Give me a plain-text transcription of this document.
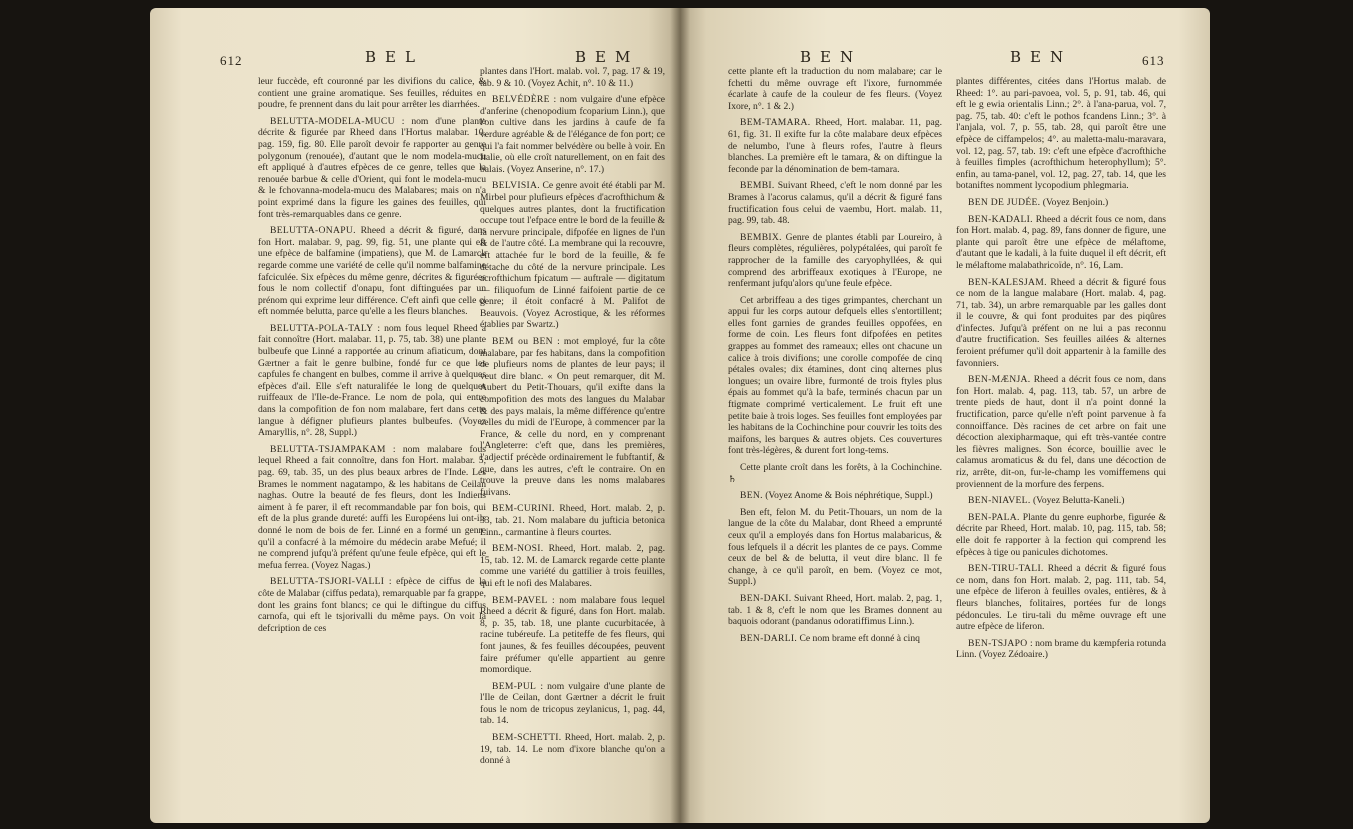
612	BEL	BEM

leur fuccède, eft couronné par les divifions du calice, & contient une graine aromatique. Ses feuilles, réduites en poudre, fe prennent dans du lait pour arrêter les diarrhées.

BELUTTA-MODELA-MUCU : nom d'une plante décrite & figurée par Rheed dans l'Hortus malabar. 10, pag. 159, fig. 80. Elle paroît devoir fe rapporter au genre polygonum (renouée), d'autant que le nom modela-mucu eft appliqué à d'autres efpèces de ce genre, telles que la renouée barbue & celle d'Orient, qui font le modela-mucu & le fchovanna-modela-mucu des Malabares; mais on n'a point exprimé dans la figure les gaines des feuilles, qui font très-remarquables dans ce genre.

BELUTTA-ONAPU. Rheed a décrit & figuré, dans fon Hort. malabar. 9, pag. 99, fig. 51, une plante qui eft une efpèce de balfamine (impatiens), que M. de Lamarck regarde comme une variété de celle qu'il nomme balfamine fafciculée. Six efpèces du même genre, décrites & figurées fous le nom collectif d'onapu, font diftinguées par un prénom qui exprime leur différence. C'eft ainfi que celle ci eft nommée belutta, parce qu'elle a les fleurs blanches.

BELUTTA-POLA-TALY : nom fous lequel Rheed a fait connoître (Hort. malabar. 11, p. 75, tab. 38) une plante bulbeufe que Linné a rapportée au crinum afiaticum, dont Gærtner a fait le genre bulbine, fondé fur ce que les capfules fe changent en bulbes, comme il arrive à quelques efpèces d'ail. Elle s'eft naturalifée le long de quelques ruiffeaux de l'Ile-de-France. Le nom de pola, qui entre dans la compofition de fon nom malabare, fert dans cette langue à défigner plufieurs plantes bulbeufes. (Voyez Amaryllis, n°. 28, Suppl.)

BELUTTA-TSJAMPAKAM : nom malabare fous lequel Rheed a fait connoître, dans fon Hort. malabar. 5, pag. 69, tab. 35, un des plus beaux arbres de l'Inde. Les Brames le nomment nagatampo, & les habitans de Ceilan naghas. Outre la beauté de fes fleurs, dont les Indiens aiment à fe parer, il eft recommandable par fon bois, qui eft de la plus grande dureté: auffi les Européens lui ont-ils donné le nom de bois de fer. Linné en a formé un genre qu'il a confacré à la mémoire du médecin arabe Mefué; il ne comprend jufqu'à préfent qu'une feule efpèce, qui eft le mefua ferrea. (Voyez Nagas.)

BELUTTA-TSJORI-VALLI : efpèce de ciffus de la côte de Malabar (ciffus pedata), remarquable par fa grappe, dont les grains font blancs; ce qui le diftingue du ciffus carnofa, qui eft le tsjorivalli du même pays. On voit la defcription de ces

plantes dans l'Hort. malab. vol. 7, pag. 17 & 19, tab. 9 & 10. (Voyez Achit, n°. 10 & 11.)

BELVÉDÈRE : nom vulgaire d'une efpèce d'anferine (chenopodium fcoparium Linn.), que l'on cultive dans les jardins à caufe de fa verdure agréable & de l'élégance de fon port; ce qui l'a fait nommer belvédère ou belle à voir. En Italie, où elle croît naturellement, on en fait des balais. (Voyez Anserine, n°. 17.)

BELVISIA. Ce genre avoit été établi par M. Mirbel pour plufieurs efpèces d'acrofthichum & quelques autres plantes, dont la fructification occupe tout l'efpace entre le bord de la feuille & la nervure principale, difpofée en lignes de l'un & de l'autre côté. La membrane qui la recouvre, eft attachée fur le bord de la feuille, & fe détache du côté de la nervure principale. Les acrofthichum fpicatum — auftrale — digitatum — filiquofum de Linné faifoient partie de ce genre; il étoit confacré à M. Palifot de Beauvois. (Voyez Acrostique, & les réformes établies par Swartz.)

BEM ou BEN : mot employé, fur la côte malabare, par fes habitans, dans la compofition de plufieurs noms de plantes de leur pays; il veut dire blanc. « On peut remarquer, dit M. Aubert du Petit-Thouars, qu'il exifte dans la compofition des mots des langues du Malabar & des pays malais, la même différence qu'entre celles du midi de l'Europe, à commencer par la France, & celle du nord, en y comprenant l'Angleterre: c'eft que, dans les premières, l'adjectif précède ordinairement le fubftantif, & que, dans les autres, c'eft le contraire. On en trouve la preuve dans les noms malabares fuivans.

BEM-CURINI. Rheed, Hort. malab. 2, p. 33, tab. 21. Nom malabare du jufticia betonica Linn., carmantine à fleurs courtes.

BEM-NOSI. Rheed, Hort. malab. 2, pag. 15, tab. 12. M. de Lamarck regarde cette plante comme une variété du gattilier à trois feuilles, qui eft le nofi des Malabares.

BEM-PAVEL : nom malabare fous lequel Rheed a décrit & figuré, dans fon Hort. malab. 8, p. 35, tab. 18, une plante cucurbitacée, à racine tubéreufe. La petiteffe de fes fleurs, qui font jaunes, & fes feuilles découpées, peuvent faire préfumer qu'elle appartient au genre momordique.

BEM-PUL : nom vulgaire d'une plante de l'Ile de Ceilan, dont Gærtner a décrit le fruit fous le nom de tricopus zeylanicus, 1, pag. 44, tab. 14.

BEM-SCHETTI. Rheed, Hort. malab. 2, p. 19, tab. 14. Le nom d'ixore blanche qu'on a donné à

BEN	BEN	613

cette plante eft la traduction du nom malabare; car le fchetti du même ouvrage eft l'ixore, furnommée écarlate à caufe de la couleur de fes fleurs. (Voyez Ixore, n°. 1 & 2.)

BEM-TAMARA. Rheed, Hort. malabar. 11, pag. 61, fig. 31. Il exifte fur la côte malabare deux efpèces de nelumbo, l'une à fleurs rofes, l'autre à fleurs blanches. La première eft le tamara, & on diftingue la feconde par la dénomination de bem-tamara.

BEMBI. Suivant Rheed, c'eft le nom donné par les Brames à l'acorus calamus, qu'il a décrit & figuré fans fructification fous celui de vaembu, Hort. malab. 11, pag. 99, tab. 48.

BEMBIX. Genre de plantes établi par Loureiro, à fleurs complètes, régulières, polypétalées, qui paroît fe rapprocher de la famille des caryophyllées, & qui comprend des arbriffeaux exotiques à l'Europe, ne renfermant jufqu'alors qu'une feule efpèce.

Cet arbriffeau a des tiges grimpantes, cherchant un appui fur les corps autour defquels elles s'entortillent; elles font garnies de grandes feuilles oppofées, en forme de coin. Les fleurs font difpofées en petites grappes au fommet des rameaux; elles ont chacune un calice à trois divifions; une corolle compofée de cinq pétales ovales; dix étamines, dont cinq alternes plus longues; un ovaire libre, furmonté de trois ftyles plus épais au fommet qu'à la bafe, terminés chacun par un ftigmate comprimé verticalement. Le fruit eft une petite baie à trois loges. Ses feuilles font employées par les habitans de la Cochinchine pour couvrir les toits des maifons, les barques & autres objets. Ces couvertures font très-légères, & durent fort long-tems.

Cette plante croît dans les forêts, à la Cochinchine. ♄

BEN. (Voyez Anome & Bois néphrétique, Suppl.)

Ben eft, felon M. du Petit-Thouars, un nom de la langue de la côte du Malabar, dont Rheed a emprunté ceux qu'il a employés dans fon Hortus malabaricus, & fous lefquels il a décrit les plantes de ce pays. Comme ceux de bel & de belutta, il veut dire blanc. Il fe change, à ce qu'il paroît, en bem. (Voyez ce mot, Suppl.)

BEN-DAKI. Suivant Rheed, Hort. malab. 2, pag. 1, tab. 1 & 8, c'eft le nom que les Brames donnent au baquois odorant (pandanus odoratiffimus Linn.).

BEN-DARLI. Ce nom brame eft donné à cinq

plantes différentes, citées dans l'Hortus malab. de Rheed: 1°. au pari-pavoea, vol. 5, p. 91, tab. 46, qui eft le g ewia orientalis Linn.; 2°. à l'ana-parua, vol. 7, pag. 75, tab. 40: c'eft le pothos fcandens Linn.; 3°. à l'anjala, vol. 7, p. 55, tab. 28, qui paroît être une efpèce de ciffampelos; 4°. au maletta-malu-maravara, vol. 12, pag. 57, tab. 19: c'eft une efpèce d'acrofthiche à feuilles fimples (acrofthichum heterophyllum); 5°. enfin, au tama-panel, vol. 12, pag. 27, tab. 14, que les botaniftes nomment lycopodium phlegmaria.

BEN DE JUDÉE. (Voyez Benjoin.)

BEN-KADALI. Rheed a décrit fous ce nom, dans fon Hort. malab. 4, pag. 89, fans donner de figure, une plante qui paroît être une efpèce de mélaftome, d'autant que le kadali, à la fuite duquel il eft décrit, eft le mélaftome malabathricoïde, n°. 16, Lam.

BEN-KALESJAM. Rheed a décrit & figuré fous ce nom de la langue malabare (Hort. malab. 4, pag. 71, tab. 34), un arbre remarquable par les galles dont il le couvre, & qui font produites par des piqûres d'infectes. Jufqu'à préfent on ne lui a pas reconnu d'autre fructification. Ses feuilles ailées & alternes feroient préfumer qu'il doit appartenir à la famille des favonniers.

BEN-MÆNJA. Rheed a décrit fous ce nom, dans fon Hort. malab. 4, pag. 113, tab. 57, un arbre de trente pieds de haut, dont il n'a point donné la fructification, parce qu'elle n'eft point parvenue à fa connoiffance. Dès racines de cet arbre on fait une décoction alexipharmaque, qui eft très-vantée contre les fièvres malignes. Son écorce, bouillie avec le calamus aromaticus & du fel, dans une décoction de riz, arrête, dit-on, fur-le-champ les vomiffemens qui proviennent de la morfure des ferpens.

BEN-NIAVEL. (Voyez Belutta-Kaneli.)

BEN-PALA. Plante du genre euphorbe, figurée & décrite par Rheed, Hort. malab. 10, pag. 115, tab. 58; elle doit fe rapporter à la fection qui comprend les efpèces à tige ou panicules dichotomes.

BEN-TIRU-TALI. Rheed a décrit & figuré fous ce nom, dans fon Hort. malab. 2, pag. 111, tab. 54, une efpèce de liferon à feuilles ovales, entières, & à fleurs blanches, folitaires, portées fur de longs pédoncules. Le tiru-tali du même ouvrage eft une autre efpèce de liferon.

BEN-TSJAPO : nom brame du kæmpferia rotunda Linn. (Voyez Zédoaire.)
